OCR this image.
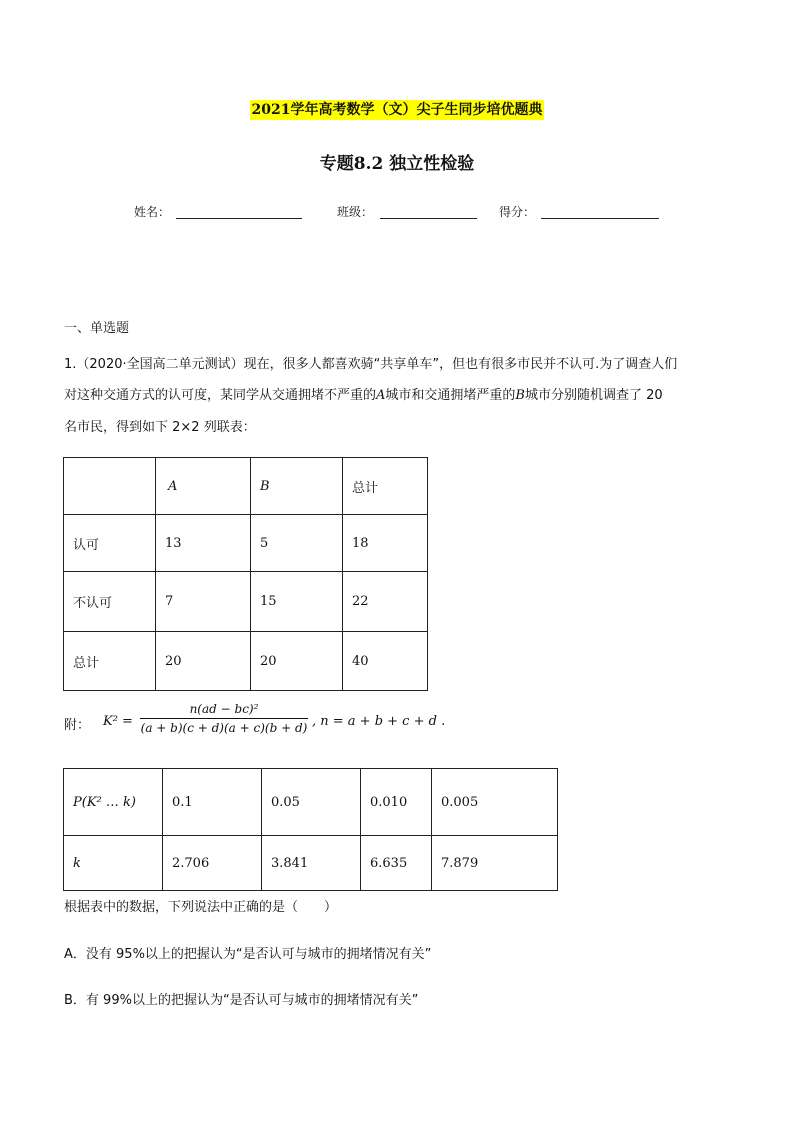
2021学年高考数学（文）尖子生同步培优题典
专题8.2 独立性检验
姓名：	班级：	得分：
一、单选题
1.（2020·全国高二单元测试）现在，很多人都喜欢骑“共享单车”，但也有很多市民并不认可.为了调查人们
对这种交通方式的认可度，某同学从交通拥堵不严重的A城市和交通拥堵严重的B城市分别随机调查了 20
名市民，得到如下 2×2 列联表：
	A	B	总计
认可	13	5	18
不认可	7	15	22
总计	20	20	40
附： K² =
n(ad − bc)²
(a + b)(c + d)(a + c)(b + d) , n = a + b + c + d .
P(K² … k)	0.1	0.05	0.010	0.005
k	2.706	3.841	6.635	7.879
根据表中的数据，下列说法中正确的是（　　）
A．没有 95%以上的把握认为“是否认可与城市的拥堵情况有关”
B．有 99%以上的把握认为“是否认可与城市的拥堵情况有关”
